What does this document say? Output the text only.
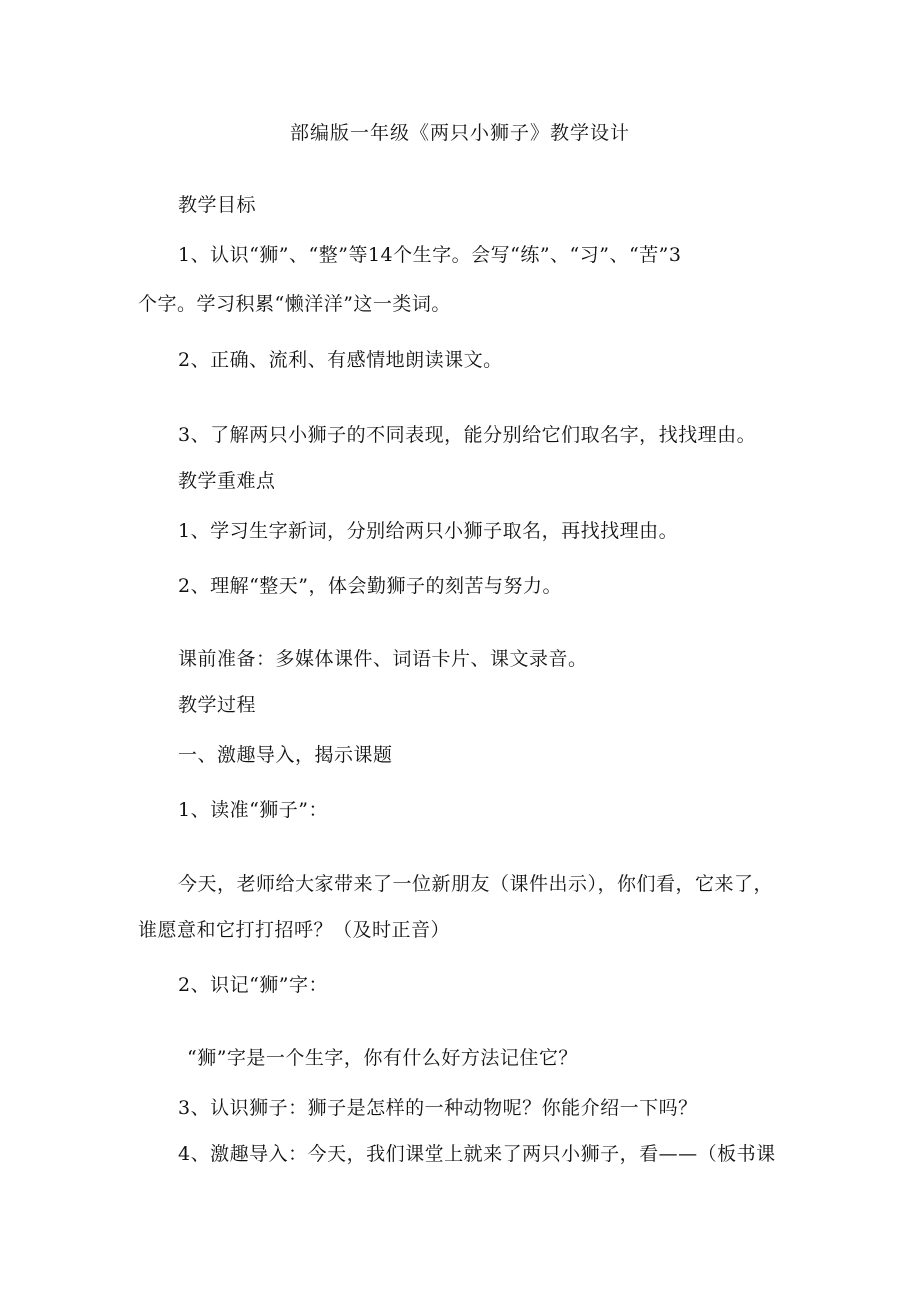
部编版一年级《两只小狮子》教学设计
教学目标
1、认识“狮”、“整”等14个生字。会写“练”、“习”、“苦”3
个字。学习积累“懒洋洋”这一类词。
2、正确、流利、有感情地朗读课文。
3、了解两只小狮子的不同表现，能分别给它们取名字，找找理由。
教学重难点
1、学习生字新词，分别给两只小狮子取名，再找找理由。
2、理解“整天”，体会勤狮子的刻苦与努力。
课前准备：多媒体课件、词语卡片、课文录音。
教学过程
一、激趣导入，揭示课题
1、读准“狮子”：
今天，老师给大家带来了一位新朋友（课件出示），你们看，它来了，
谁愿意和它打打招呼？（及时正音）
2、识记“狮”字：
“狮”字是一个生字，你有什么好方法记住它？
3、认识狮子：狮子是怎样的一种动物呢？你能介绍一下吗？
4、激趣导入：今天，我们课堂上就来了两只小狮子，看——（板书课
